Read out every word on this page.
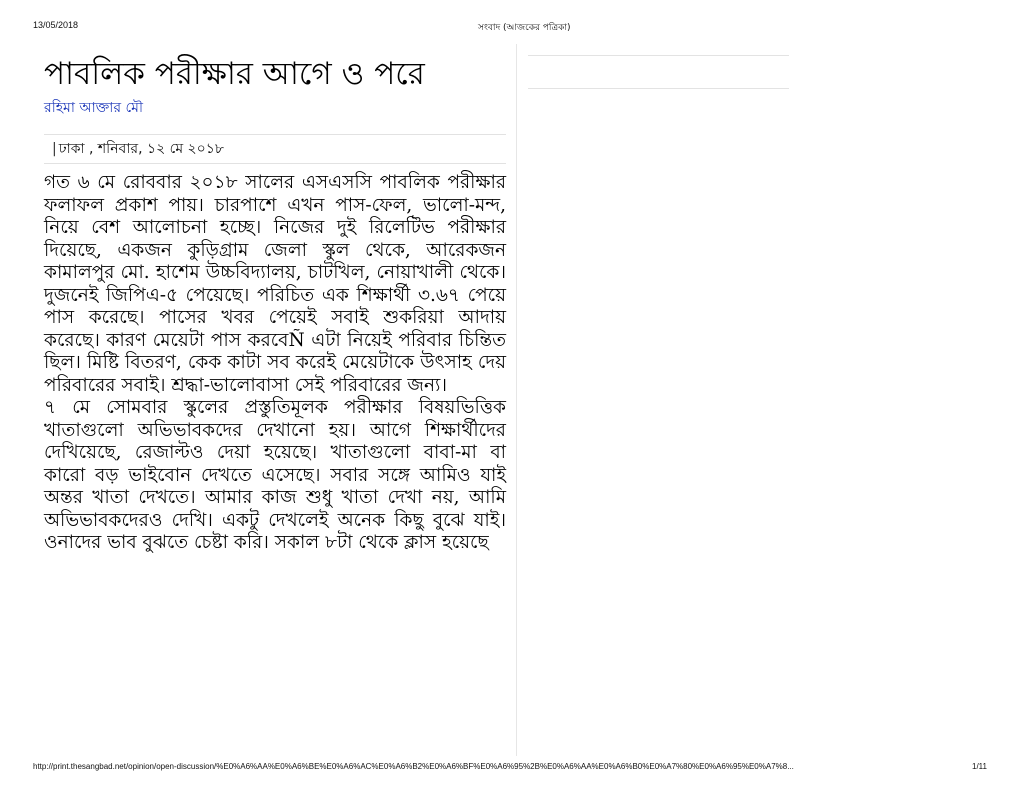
13/05/2018	সংবাদ (আজকের পত্রিকা)
পাবলিক পরীক্ষার আগে ও পরে
রহিমা আক্তার মৌ
| ঢাকা , শনিবার, ১২ মে ২০১৮

গত ৬ মে রোববার ২০১৮ সালের এসএসসি পাবলিক পরীক্ষার ফলাফল প্রকাশ পায়। চারপাশে এখন পাস-ফেল, ভালো-মন্দ, নিয়ে বেশ আলোচনা হচ্ছে। নিজের দুই রিলেটিভ পরীক্ষার দিয়েছে, একজন কুড়িগ্রাম জেলা স্কুল থেকে, আরেকজন কামালপুর মো. হাশেম উচ্চবিদ্যালয়, চাটখিল, নোয়াখালী থেকে। দুজনেই জিপিএ-৫ পেয়েছে। পরিচিত এক শিক্ষার্থী ৩.৬৭ পেয়ে পাস করেছে। পাসের খবর পেয়েই সবাই শুকরিয়া আদায় করেছে। কারণ মেয়েটা পাস করবেÑ এটা নিয়েই পরিবার চিন্তিত ছিল। মিষ্টি বিতরণ, কেক কাটা সব করেই মেয়েটাকে উৎসাহ দেয় পরিবারের সবাই। শ্রদ্ধা-ভালোবাসা সেই পরিবারের জন্য।

৭ মে সোমবার স্কুলের প্রস্তুতিমূলক পরীক্ষার বিষয়ভিত্তিক খাতাগুলো অভিভাবকদের দেখানো হয়। আগে শিক্ষার্থীদের দেখিয়েছে, রেজাল্টও দেয়া হয়েছে। খাতাগুলো বাবা-মা বা কারো বড় ভাইবোন দেখতে এসেছে। সবার সঙ্গে আমিও যাই অন্তর খাতা দেখতে। আমার কাজ শুধু খাতা দেখা নয়, আমি অভিভাবকদেরও দেখি। একটু দেখলেই অনেক কিছু বুঝে যাই। ওনাদের ভাব বুঝতে চেষ্টা করি। সকাল ৮টা থেকে ক্লাস হয়েছে

http://print.thesangbad.net/opinion/open-discussion/%E0%A6%AA%E0%A6%BE%E0%A6%AC%E0%A6%B2%E0%A6%BF%E0%A6%95%2B%E0%A6%AA%E0%A6%B0%E0%A7%80%E0%A6%95%E0%A7%8...	1/11
